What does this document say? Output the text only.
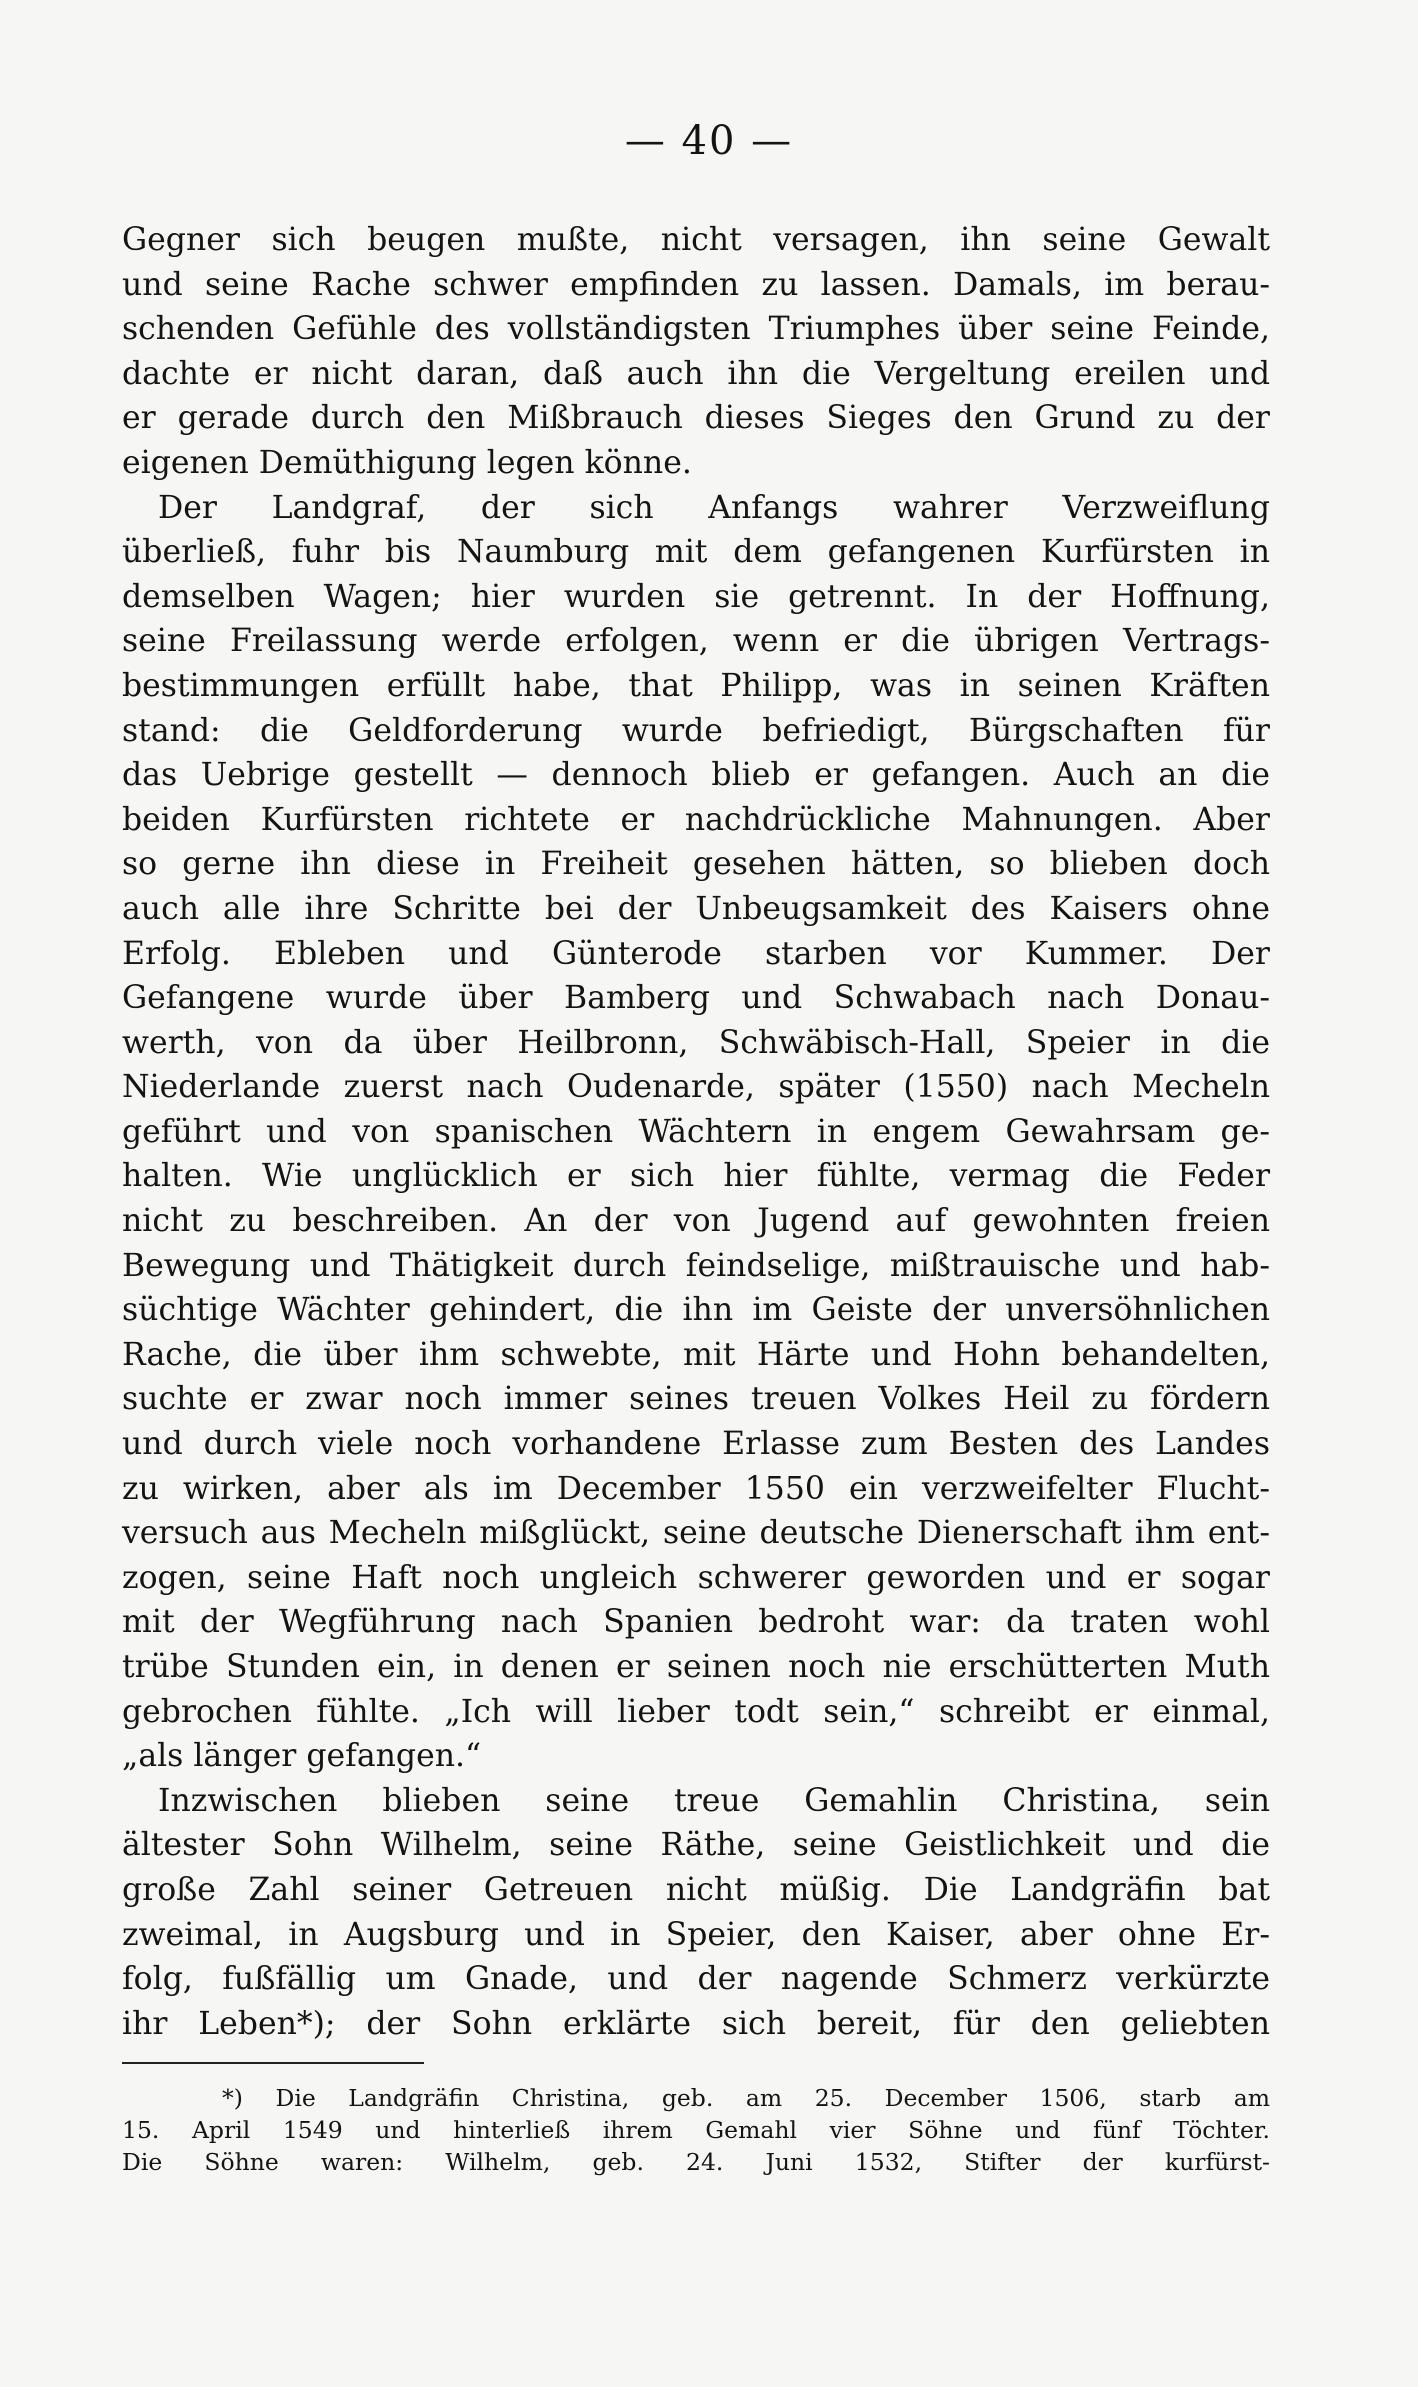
— 40 —
Gegner sich beugen mußte, nicht versagen, ihn seine Gewalt
und seine Rache schwer empfinden zu lassen. Damals, im berau-
schenden Gefühle des vollständigsten Triumphes über seine Feinde,
dachte er nicht daran, daß auch ihn die Vergeltung ereilen und
er gerade durch den Mißbrauch dieses Sieges den Grund zu der
eigenen Demüthigung legen könne.
Der Landgraf, der sich Anfangs wahrer Verzweiflung
überließ, fuhr bis Naumburg mit dem gefangenen Kurfürsten in
demselben Wagen; hier wurden sie getrennt. In der Hoffnung,
seine Freilassung werde erfolgen, wenn er die übrigen Vertrags-
bestimmungen erfüllt habe, that Philipp, was in seinen Kräften
stand: die Geldforderung wurde befriedigt, Bürgschaften für
das Uebrige gestellt — dennoch blieb er gefangen. Auch an die
beiden Kurfürsten richtete er nachdrückliche Mahnungen. Aber
so gerne ihn diese in Freiheit gesehen hätten, so blieben doch
auch alle ihre Schritte bei der Unbeugsamkeit des Kaisers ohne
Erfolg. Ebleben und Günterode starben vor Kummer. Der
Gefangene wurde über Bamberg und Schwabach nach Donau-
werth, von da über Heilbronn, Schwäbisch-Hall, Speier in die
Niederlande zuerst nach Oudenarde, später (1550) nach Mecheln
geführt und von spanischen Wächtern in engem Gewahrsam ge-
halten. Wie unglücklich er sich hier fühlte, vermag die Feder
nicht zu beschreiben. An der von Jugend auf gewohnten freien
Bewegung und Thätigkeit durch feindselige, mißtrauische und hab-
süchtige Wächter gehindert, die ihn im Geiste der unversöhnlichen
Rache, die über ihm schwebte, mit Härte und Hohn behandelten,
suchte er zwar noch immer seines treuen Volkes Heil zu fördern
und durch viele noch vorhandene Erlasse zum Besten des Landes
zu wirken, aber als im December 1550 ein verzweifelter Flucht-
versuch aus Mecheln mißglückt, seine deutsche Dienerschaft ihm ent-
zogen, seine Haft noch ungleich schwerer geworden und er sogar
mit der Wegführung nach Spanien bedroht war: da traten wohl
trübe Stunden ein, in denen er seinen noch nie erschütterten Muth
gebrochen fühlte. „Ich will lieber todt sein,“ schreibt er einmal,
„als länger gefangen.“
Inzwischen blieben seine treue Gemahlin Christina, sein
ältester Sohn Wilhelm, seine Räthe, seine Geistlichkeit und die
große Zahl seiner Getreuen nicht müßig. Die Landgräfin bat
zweimal, in Augsburg und in Speier, den Kaiser, aber ohne Er-
folg, fußfällig um Gnade, und der nagende Schmerz verkürzte
ihr Leben*); der Sohn erklärte sich bereit, für den geliebten
*) Die Landgräfin Christina, geb. am 25. December 1506, starb am
15. April 1549 und hinterließ ihrem Gemahl vier Söhne und fünf Töchter.
Die Söhne waren: Wilhelm, geb. 24. Juni 1532, Stifter der kurfürst-
